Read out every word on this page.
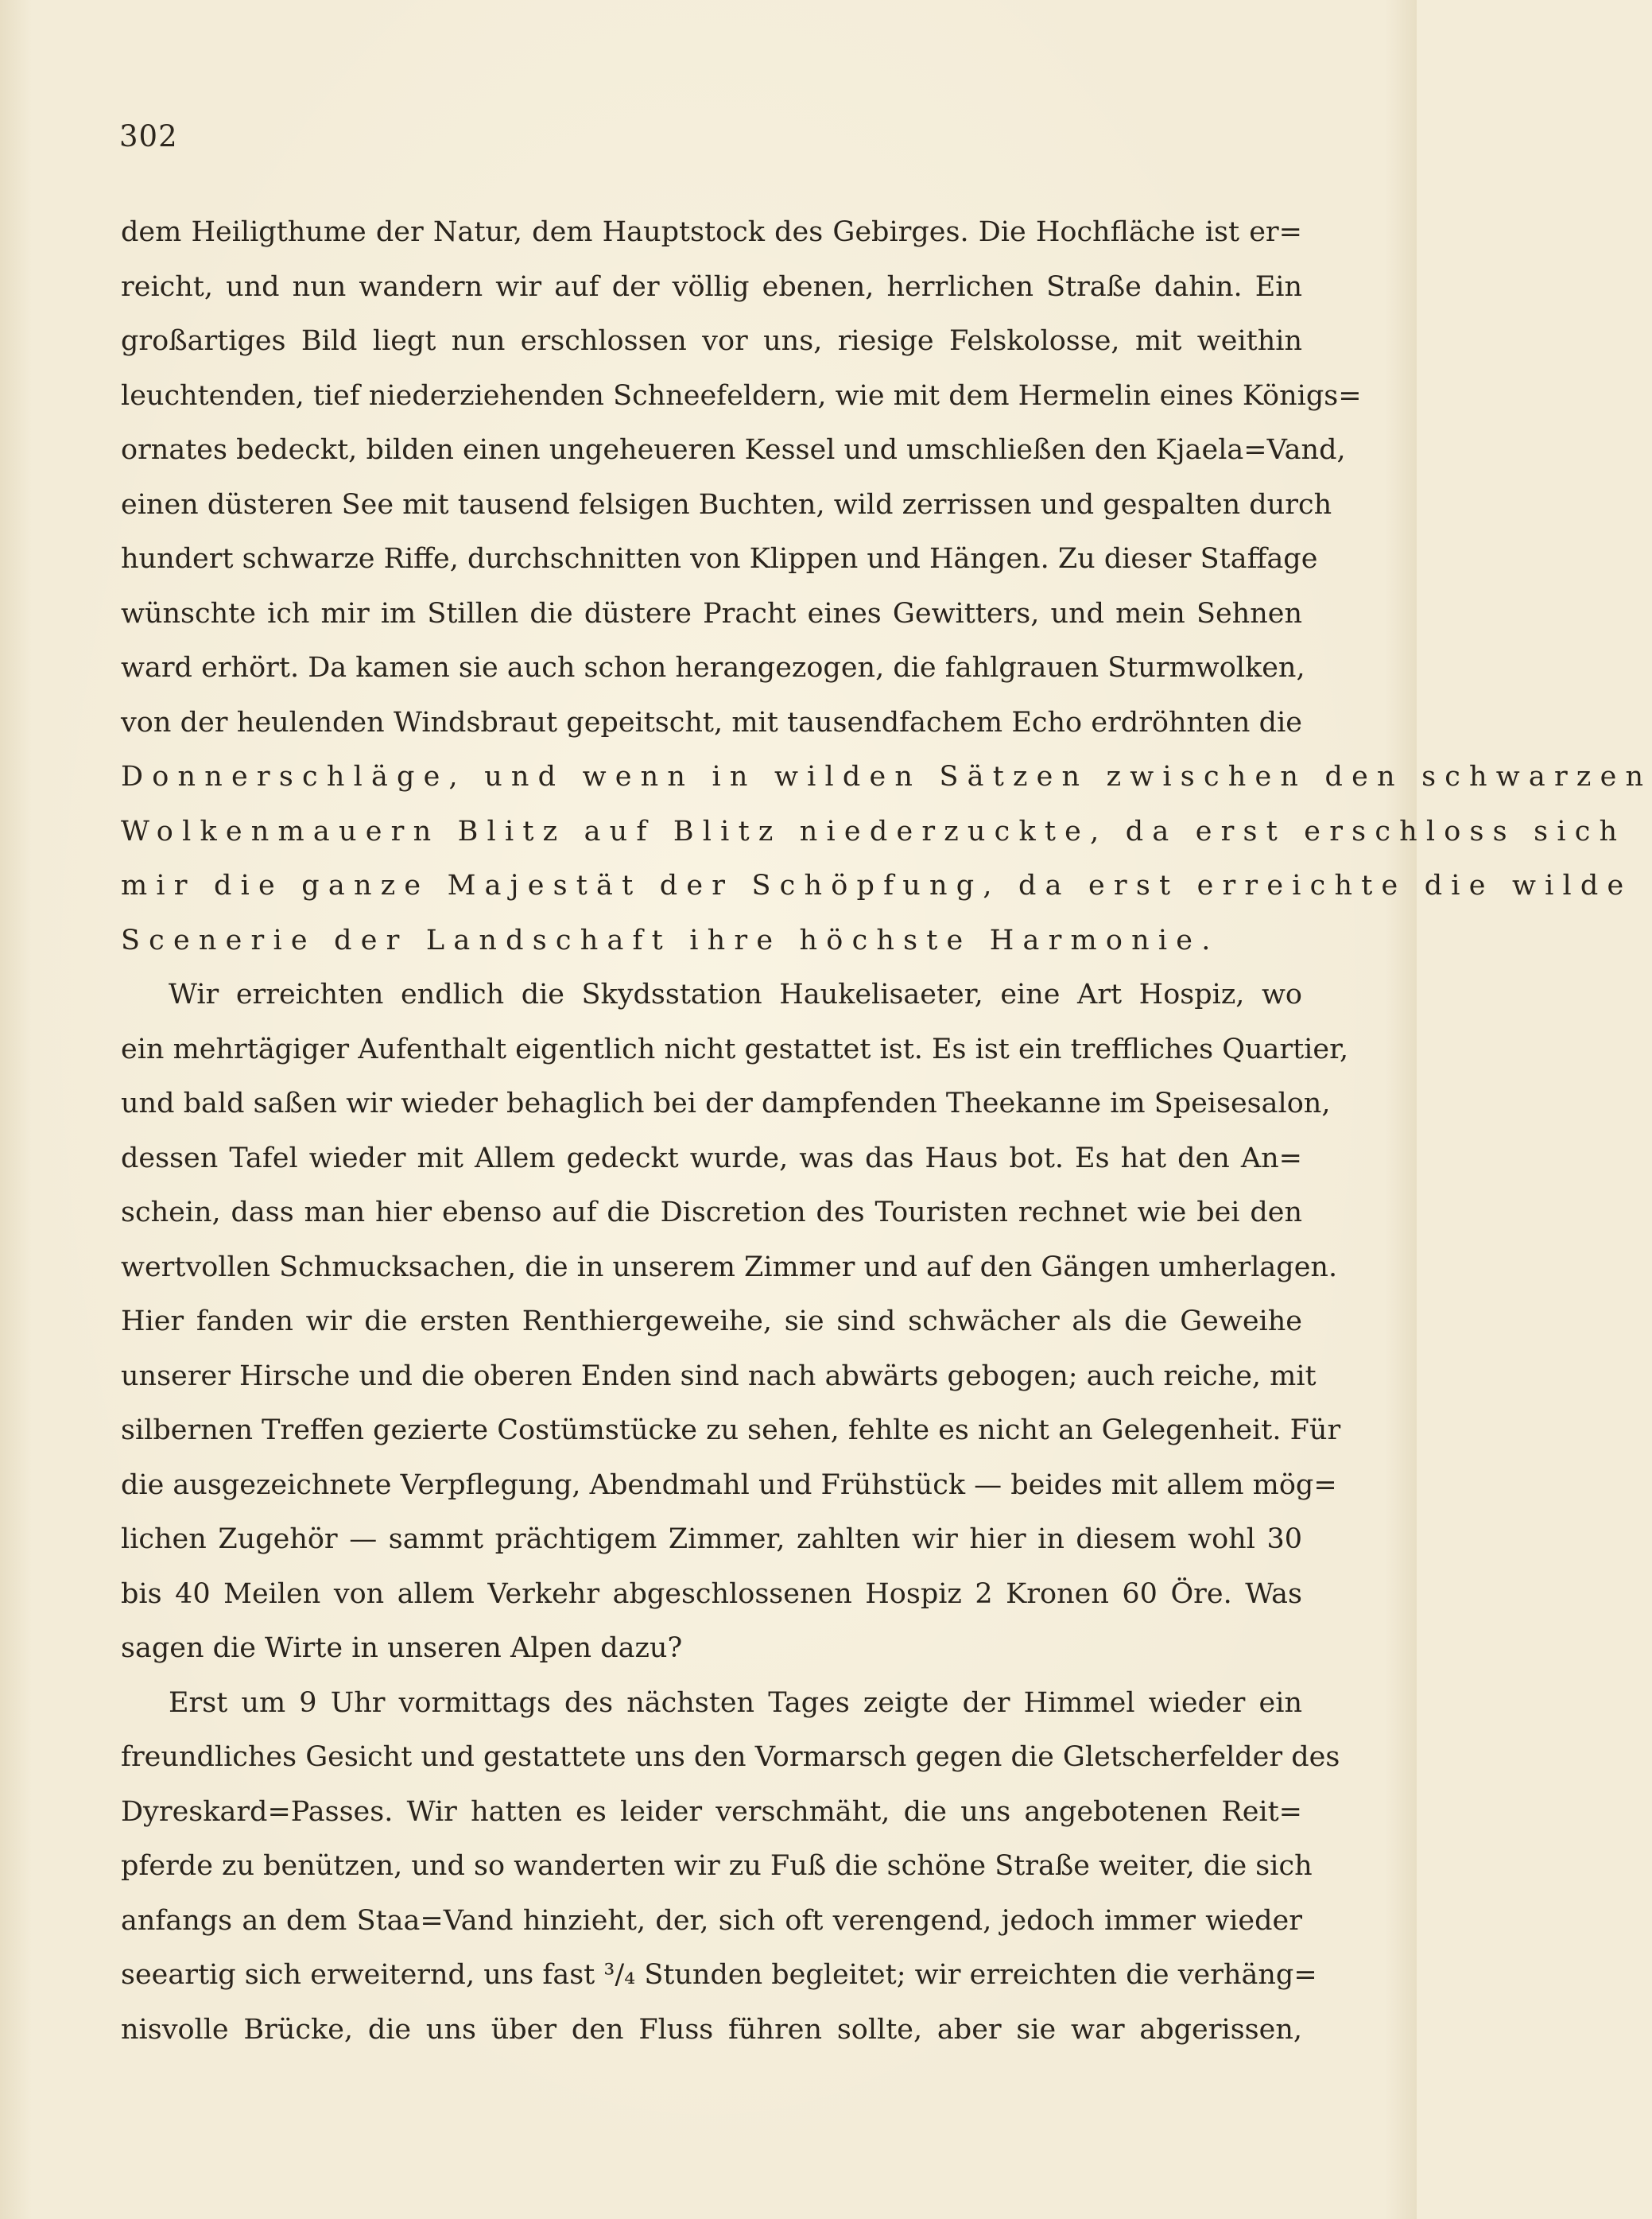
302
dem Heiligthume der Natur, dem Hauptstock des Gebirges. Die Hochfläche ist er=
reicht, und nun wandern wir auf der völlig ebenen, herrlichen Straße dahin. Ein
großartiges Bild liegt nun erschlossen vor uns, riesige Felskolosse, mit weithin
leuchtenden, tief niederziehenden Schneefeldern, wie mit dem Hermelin eines Königs=
ornates bedeckt, bilden einen ungeheueren Kessel und umschließen den Kjaela=Vand,
einen düsteren See mit tausend felsigen Buchten, wild zerrissen und gespalten durch
hundert schwarze Riffe, durchschnitten von Klippen und Hängen. Zu dieser Staffage
wünschte ich mir im Stillen die düstere Pracht eines Gewitters, und mein Sehnen
ward erhört. Da kamen sie auch schon herangezogen, die fahlgrauen Sturmwolken,
von der heulenden Windsbraut gepeitscht, mit tausendfachem Echo erdröhnten die
Donnerschläge, und wenn in wilden Sätzen zwischen den schwarzen
Wolkenmauern Blitz auf Blitz niederzuckte, da erst erschloss sich
mir die ganze Majestät der Schöpfung, da erst erreichte die wilde
Scenerie der Landschaft ihre höchste Harmonie.
Wir erreichten endlich die Skydsstation Haukelisaeter, eine Art Hospiz, wo
ein mehrtägiger Aufenthalt eigentlich nicht gestattet ist. Es ist ein treffliches Quartier,
und bald saßen wir wieder behaglich bei der dampfenden Theekanne im Speisesalon,
dessen Tafel wieder mit Allem gedeckt wurde, was das Haus bot. Es hat den An=
schein, dass man hier ebenso auf die Discretion des Touristen rechnet wie bei den
wertvollen Schmucksachen, die in unserem Zimmer und auf den Gängen umherlagen.
Hier fanden wir die ersten Renthiergeweihe, sie sind schwächer als die Geweihe
unserer Hirsche und die oberen Enden sind nach abwärts gebogen; auch reiche, mit
silbernen Treffen gezierte Costümstücke zu sehen, fehlte es nicht an Gelegenheit. Für
die ausgezeichnete Verpflegung, Abendmahl und Frühstück — beides mit allem mög=
lichen Zugehör — sammt prächtigem Zimmer, zahlten wir hier in diesem wohl 30
bis 40 Meilen von allem Verkehr abgeschlossenen Hospiz 2 Kronen 60 Öre. Was
sagen die Wirte in unseren Alpen dazu?
Erst um 9 Uhr vormittags des nächsten Tages zeigte der Himmel wieder ein
freundliches Gesicht und gestattete uns den Vormarsch gegen die Gletscherfelder des
Dyreskard=Passes. Wir hatten es leider verschmäht, die uns angebotenen Reit=
pferde zu benützen, und so wanderten wir zu Fuß die schöne Straße weiter, die sich
anfangs an dem Staa=Vand hinzieht, der, sich oft verengend, jedoch immer wieder
seeartig sich erweiternd, uns fast ³/₄ Stunden begleitet; wir erreichten die verhäng=
nisvolle Brücke, die uns über den Fluss führen sollte, aber sie war abgerissen,
